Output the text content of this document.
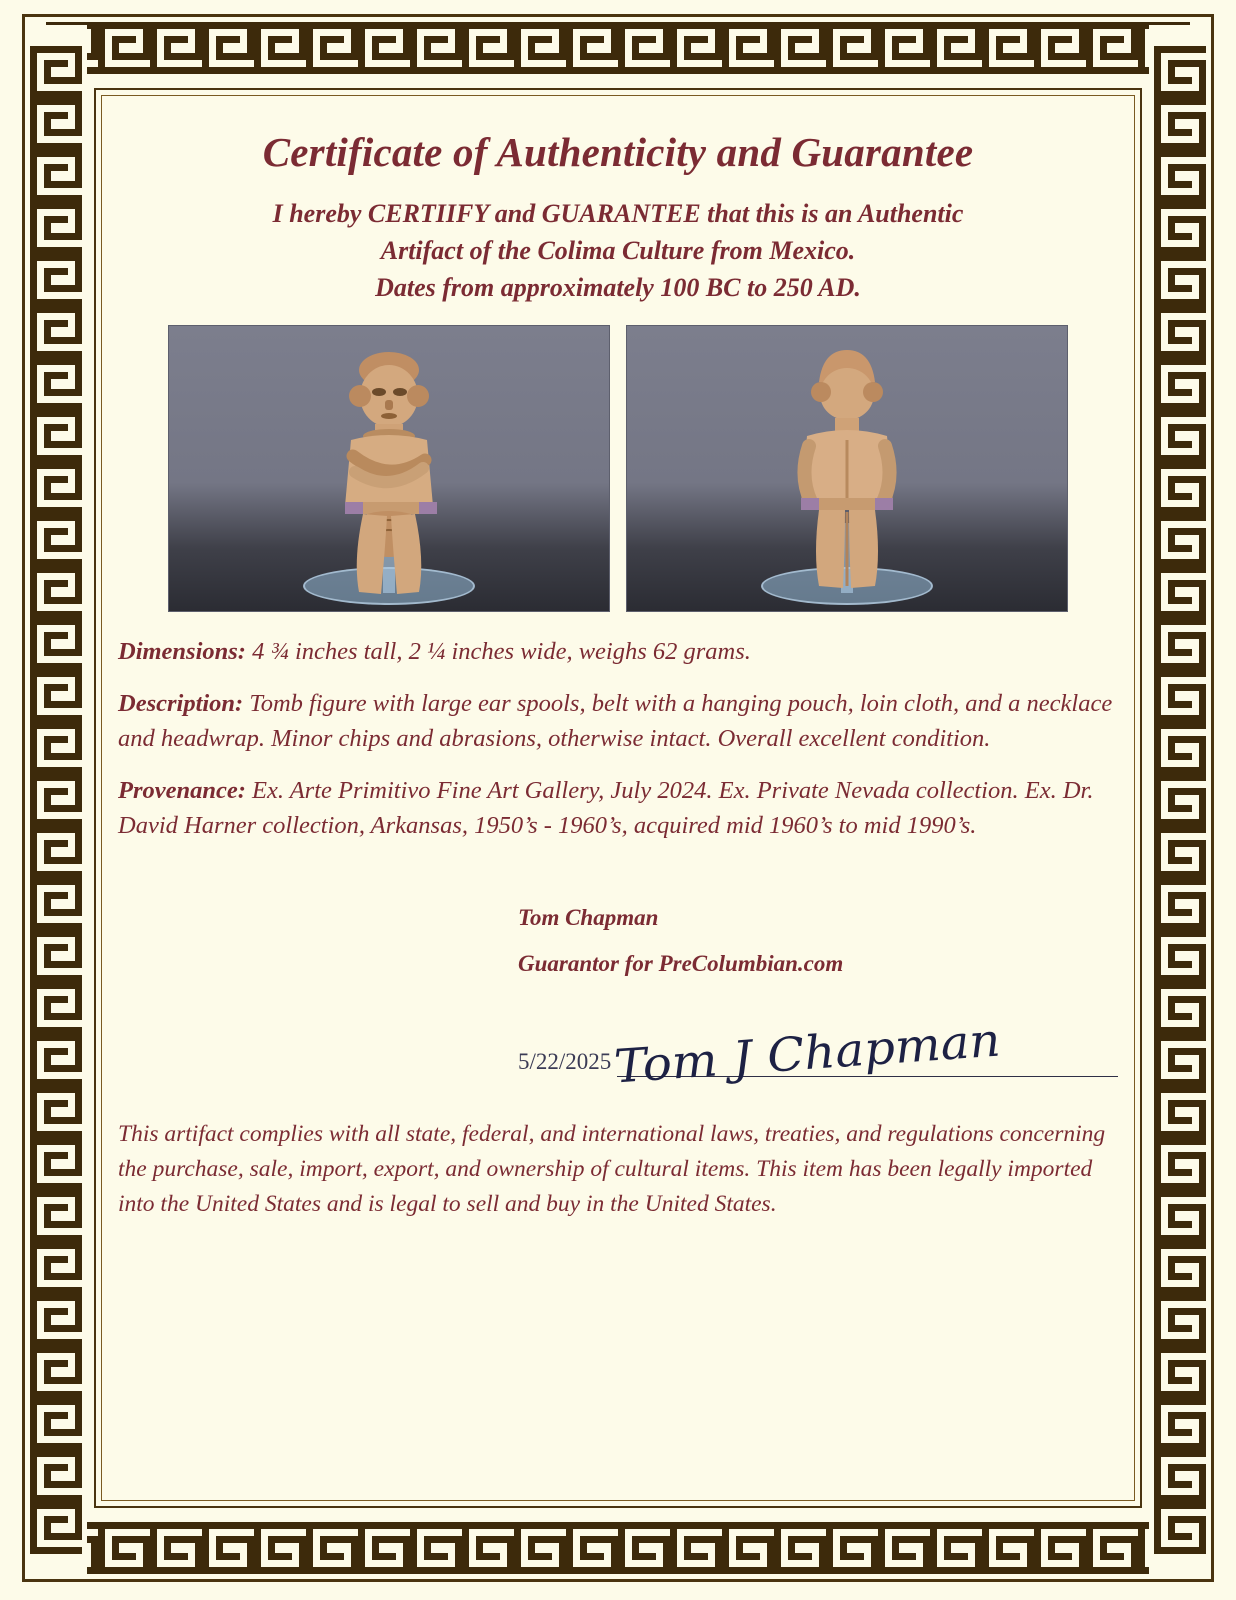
Certificate of Authenticity and Guarantee
I hereby CERTIIFY and GUARANTEE that this is an Authentic
Artifact of the Colima Culture from Mexico.
Dates from approximately 100 BC to 250 AD.
Dimensions: 4 ¾ inches tall, 2 ¼ inches wide, weighs 62 grams.
Description: Tomb figure with large ear spools, belt with a hanging pouch, loin cloth, and a necklace and headwrap. Minor chips and abrasions, otherwise intact. Overall excellent condition.
Provenance: Ex. Arte Primitivo Fine Art Gallery, July 2024. Ex. Private Nevada collection. Ex. Dr. David Harner collection, Arkansas, 1950’s - 1960’s, acquired mid 1960’s to mid 1990’s.
Tom Chapman
Guarantor for PreColumbian.com
5/22/2025 Tom J Chapman
This artifact complies with all state, federal, and international laws, treaties, and regulations concerning the purchase, sale, import, export, and ownership of cultural items. This item has been legally imported into the United States and is legal to sell and buy in the United States.
